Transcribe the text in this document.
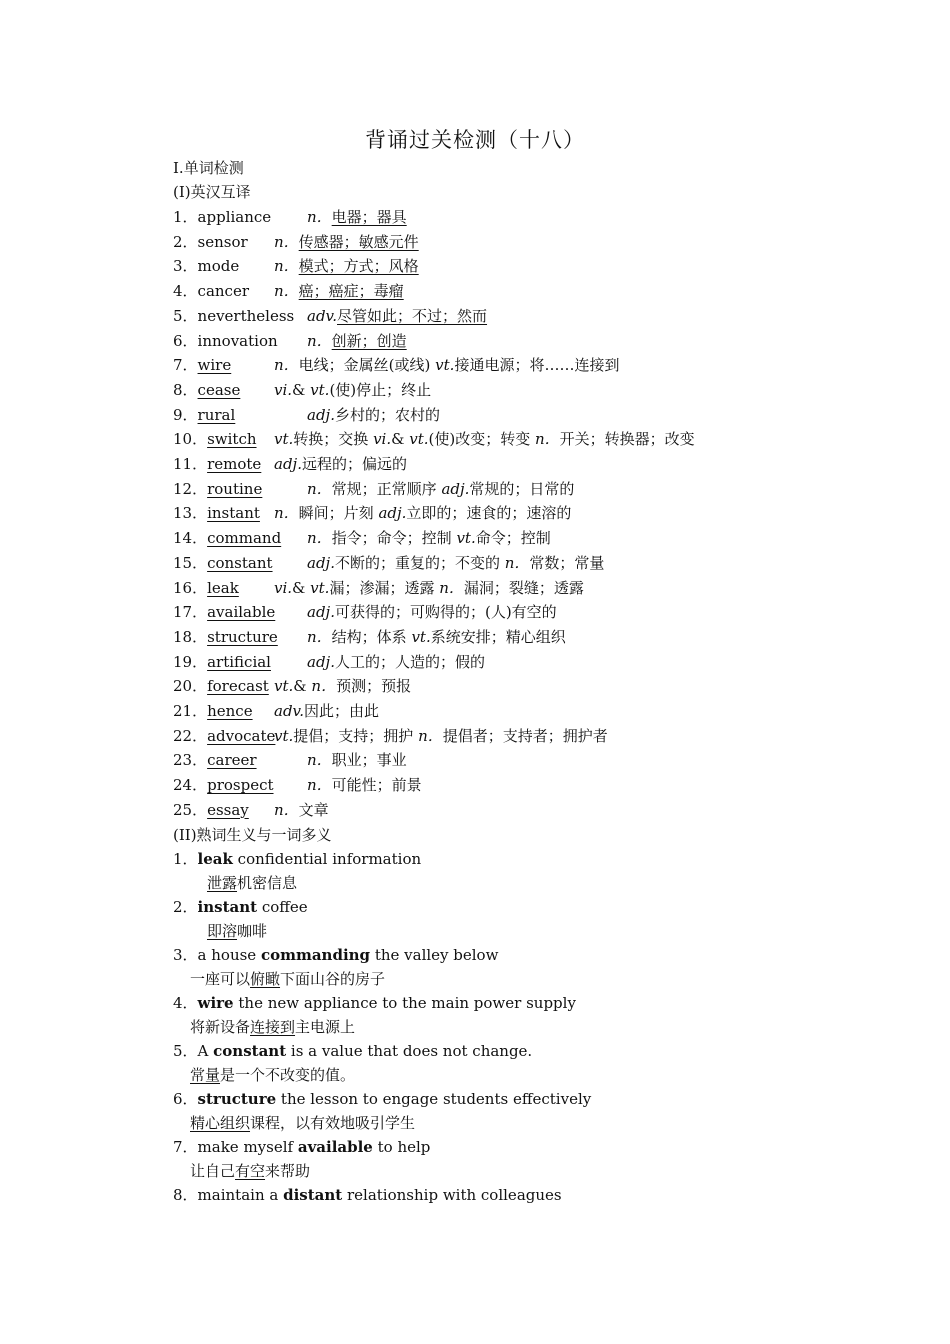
背诵过关检测（十八）
I.单词检测
(I)英汉互译
1．appliance n．电器；器具
2．sensor n．传感器；敏感元件
3．mode n．模式；方式；风格
4．cancer n．癌；癌症；毒瘤
5．nevertheless adv.尽管如此；不过；然而
6．innovation n．创新；创造
7．wire	n．电线；金属丝(或线) vt.接通电源；将……连接到
8．cease vi.& vt.(使)停止；终止
9．rural	adj.乡村的；农村的
10．switch vt.转换；交换 vi.& vt.(使)改变；转变 n．开关；转换器；改变
11．remote adj.远程的；偏远的
12．routine	n．常规；正常顺序 adj.常规的；日常的
13．instant n．瞬间；片刻 adj.立即的；速食的；速溶的
14．command n．指令；命令；控制 vt.命令；控制
15．constant adj.不断的；重复的；不变的 n．常数；常量
16．leak vi.& vt.漏；渗漏；透露 n．漏洞；裂缝；透露
17．available adj.可获得的；可购得的；(人)有空的
18．structure n．结构；体系 vt.系统安排；精心组织
19．artificial adj.人工的；人造的；假的
20．forecast vt.& n．预测；预报
21．hence adv.因此；由此
22．advocate
vt.提倡；支持；拥护 n．提倡者；支持者；拥护者
23．career	n．职业；事业
24．prospect n．可能性；前景
25．essay n．文章
(II)熟词生义与一词多义
1．leak confidential information
泄露机密信息
2．instant coffee
即溶咖啡
3．a house commanding the valley below
一座可以俯瞰下面山谷的房子
4．wire the new appliance to the main power supply
将新设备连接到主电源上
5．A constant is a value that does not change.
常量是一个不改变的值。
6．structure the lesson to engage students effectively
精心组织课程，以有效地吸引学生
7．make myself available to help
让自己有空来帮助
8．maintain a distant relationship with colleagues
